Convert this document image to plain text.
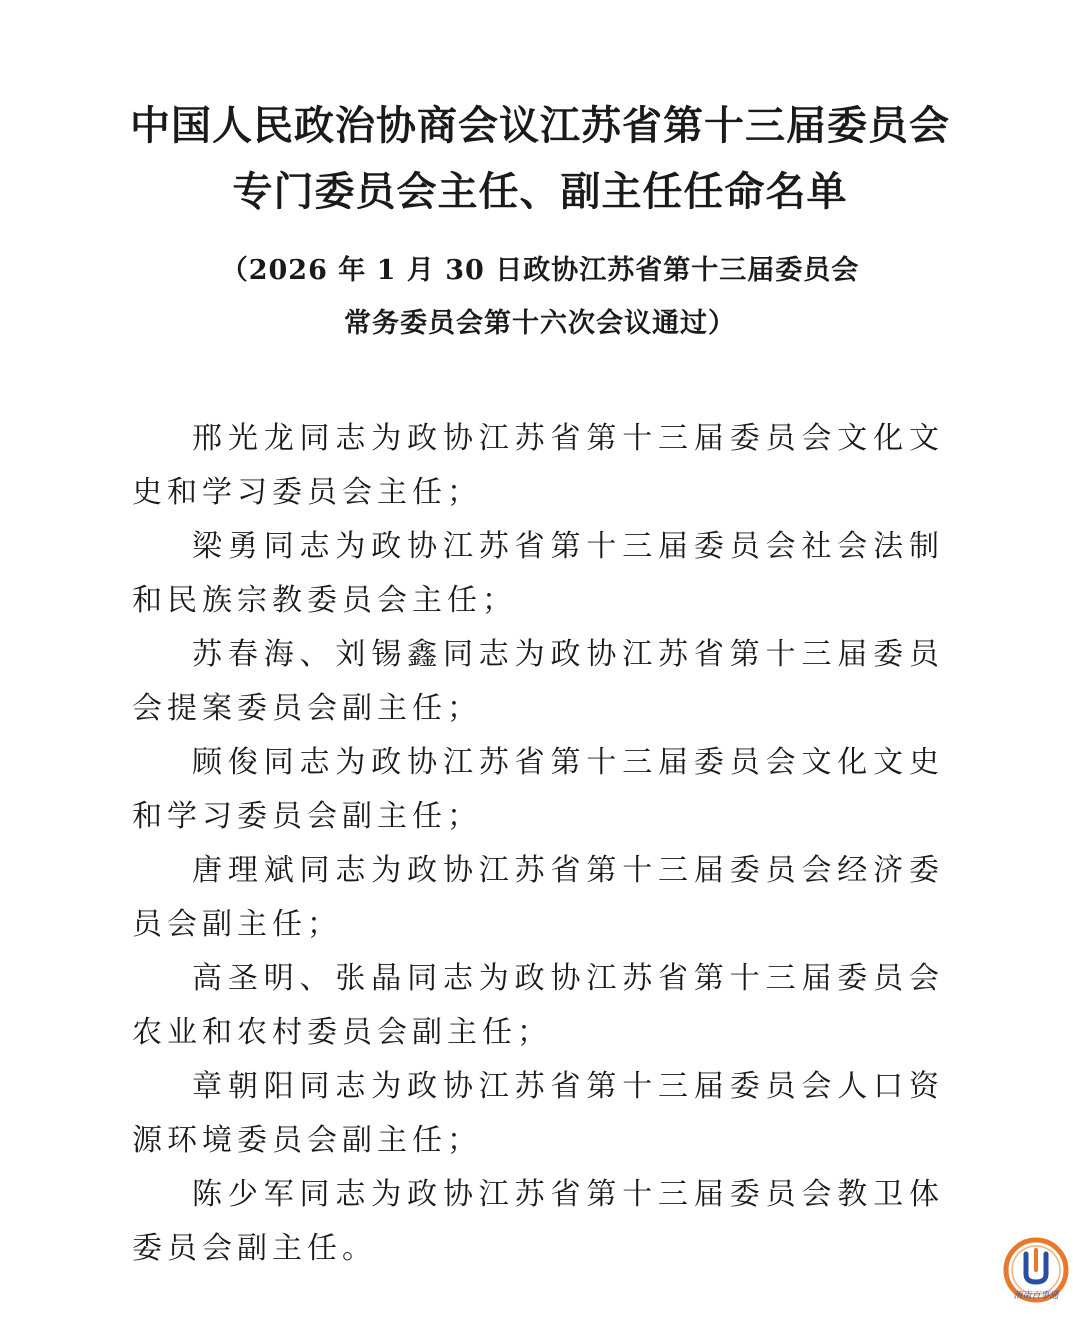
中国人民政治协商会议江苏省第十三届委员会
专门委员会主任、副主任任命名单
（2026 年 1 月 30 日政协江苏省第十三届委员会
常务委员会第十六次会议通过）

邢光龙同志为政协江苏省第十三届委员会文化文史和学习委员会主任；

梁勇同志为政协江苏省第十三届委员会社会法制和民族宗教委员会主任；

苏春海、刘锡鑫同志为政协江苏省第十三届委员会提案委员会副主任；

顾俊同志为政协江苏省第十三届委员会文化文史和学习委员会副主任；

唐理斌同志为政协江苏省第十三届委员会经济委员会副主任；

高圣明、张晶同志为政协江苏省第十三届委员会农业和农村委员会副主任；

章朝阳同志为政协江苏省第十三届委员会人口资源环境委员会副主任；

陈少军同志为政协江苏省第十三届委员会教卫体委员会副主任。

淯南百事通
